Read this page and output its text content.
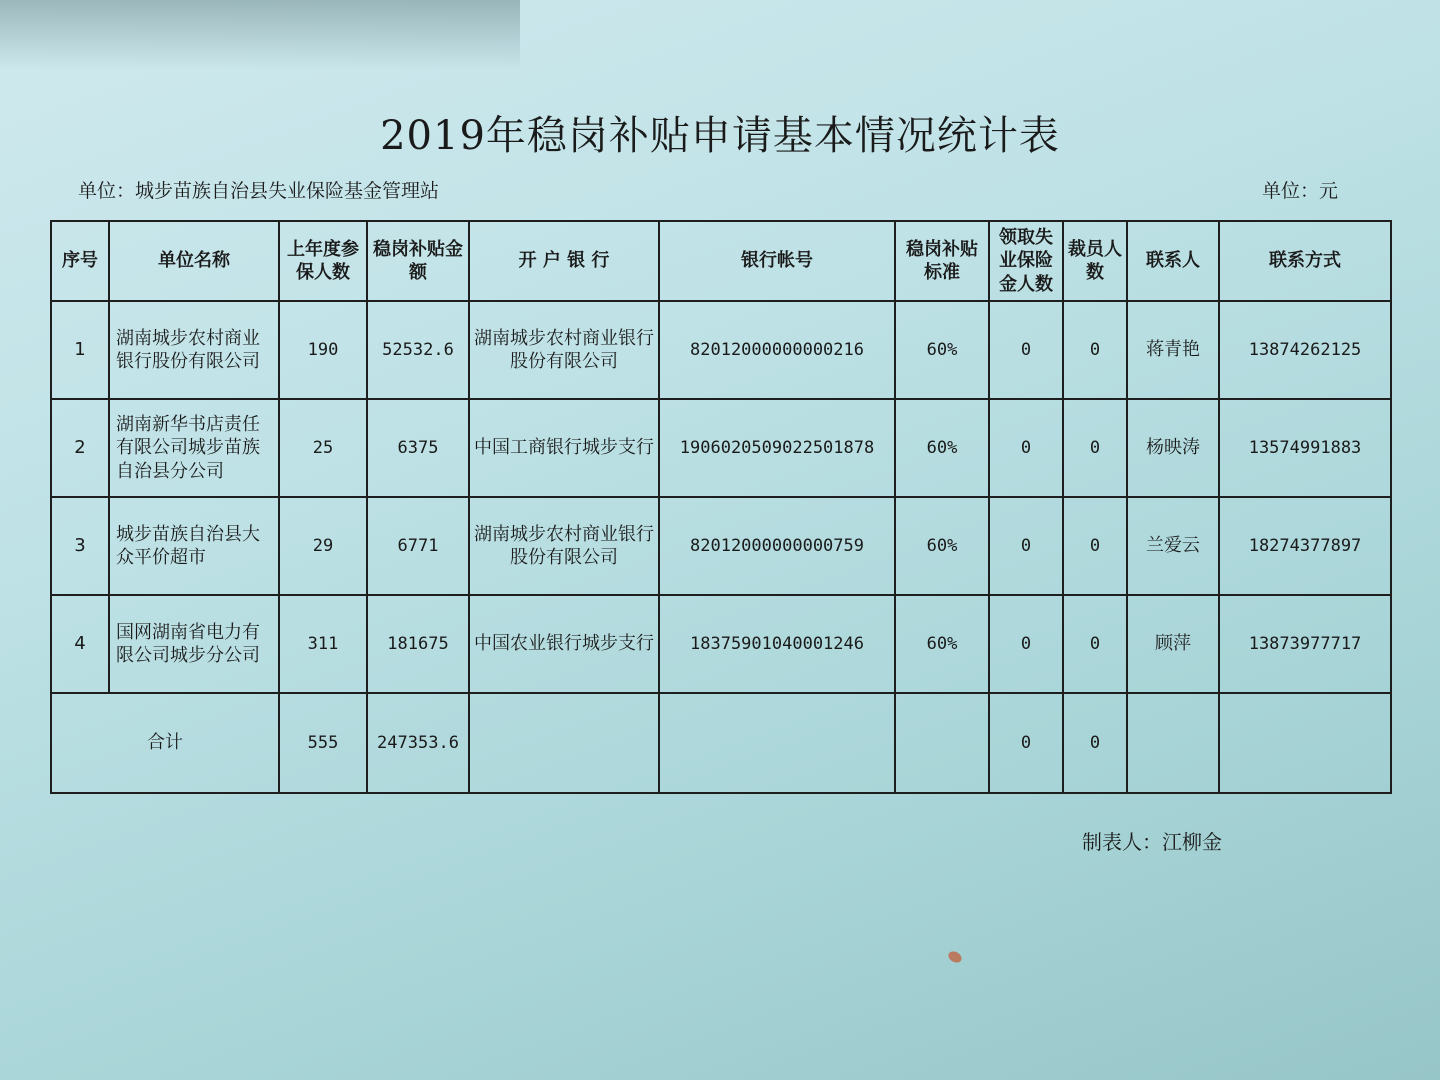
2019年稳岗补贴申请基本情况统计表
单位：城步苗族自治县失业保险基金管理站	单位：元
序号	单位名称	上年度参保人数	稳岗补贴金额	开 户 银 行	银行帐号	稳岗补贴标准	领取失业保险金人数	裁员人数	联系人	联系方式
1	湖南城步农村商业银行股份有限公司	190	52532.6	湖南城步农村商业银行股份有限公司	82012000000000216	60%	0	0	蒋青艳	13874262125
2	湖南新华书店责任有限公司城步苗族自治县分公司	25	6375	中国工商银行城步支行	1906020509022501878	60%	0	0	杨映涛	13574991883
3	城步苗族自治县大众平价超市	29	6771	湖南城步农村商业银行股份有限公司	82012000000000759	60%	0	0	兰爱云	18274377897
4	国网湖南省电力有限公司城步分公司	311	181675	中国农业银行城步支行	18375901040001246	60%	0	0	顾萍	13873977717
合计		555	247353.6				0	0		
制表人：江柳金
